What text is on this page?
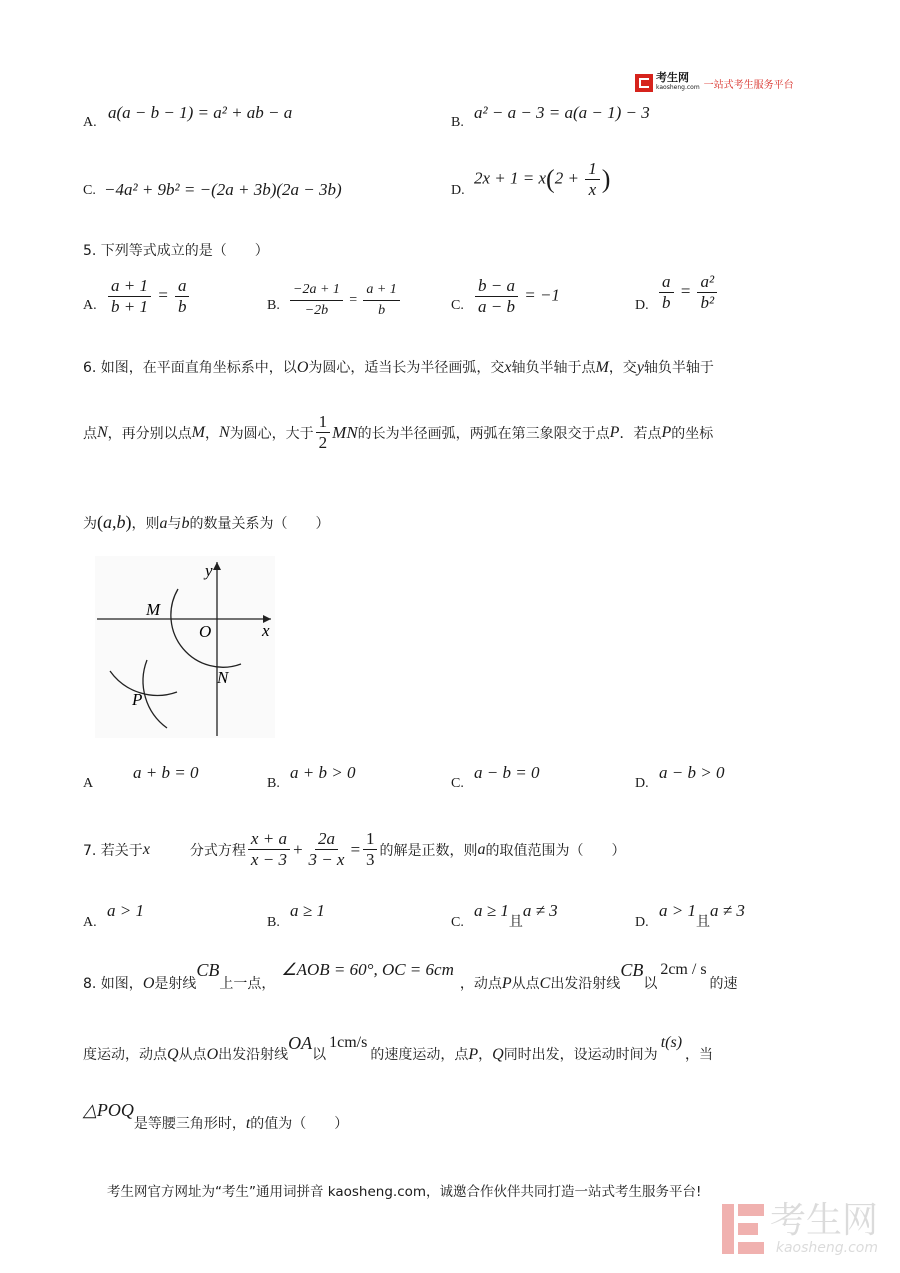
考生网
kaosheng.com 一站式考生服务平台
A.
a(a − b − 1) = a² + ab − a
B.
a² − a − 3 = a(a − 1) − 3
C. −4a² + 9b² = −(2a + 3b)(2a − 3b)	D.
$2x + 1 = x(2 + \frac{1}{x}$ )
5. 下列等式成立的是（　　）
A. $\frac{a + 1}{b + 1} = \frac{a}{b}$	B. $\frac{-2a + 1}{-2b} = \frac{a + 1}{b}$	C. $\frac{b - a}{a - b} = -1$
D. $\frac{a}{b} = \frac{\text{a²}}{\text{b²}}$
6. 如图，在平面直角坐标系中，以O为圆心，适当长为半径画弧，交x轴负半轴于点M，交y轴负半轴于
点 N ，再分别以点 M ， N 为圆心，大于 $\frac{1}{2}$ MN 的长为半径画弧，两弧在第三象限交于点 P ．若点 P 的坐标
为(a,b)，则a与b的数量关系为（　　）
y
x
O
M
N
P
A
a + b = 0
B.
a + b > 0
C.
a − b = 0
D.
a − b > 0
7. 若关于 x	分式方程 $\frac{x + a}{x - 3} + \frac{2a}{3 - x} = \frac{1}{3}$ 的解是正数，则 a 的取值范围为（　　）
A.
a > 1
B.
a ≥ 1
C.
a ≥ 1且a ≠ 3
D.
a > 1且a ≠ 3
8. 如图， O 是射线
CB
上一点，
∠AOB = 60°, OC = 6cm
，动点 P 从点 C 出发沿射线
CB
以
2cm / s
的速
度运动，动点 Q 从点 O 出发沿射线
OA
以
1cm/s
的速度运动，点 P ， Q 同时出发，设运动时间为
t(s)
，当
△POQ
是等腰三角形时， t 的值为（　　）
考生网官方网址为“考生”通用词拼音 kaosheng.com，诚邀合作伙伴共同打造一站式考生服务平台!
考生网
kaosheng.com
